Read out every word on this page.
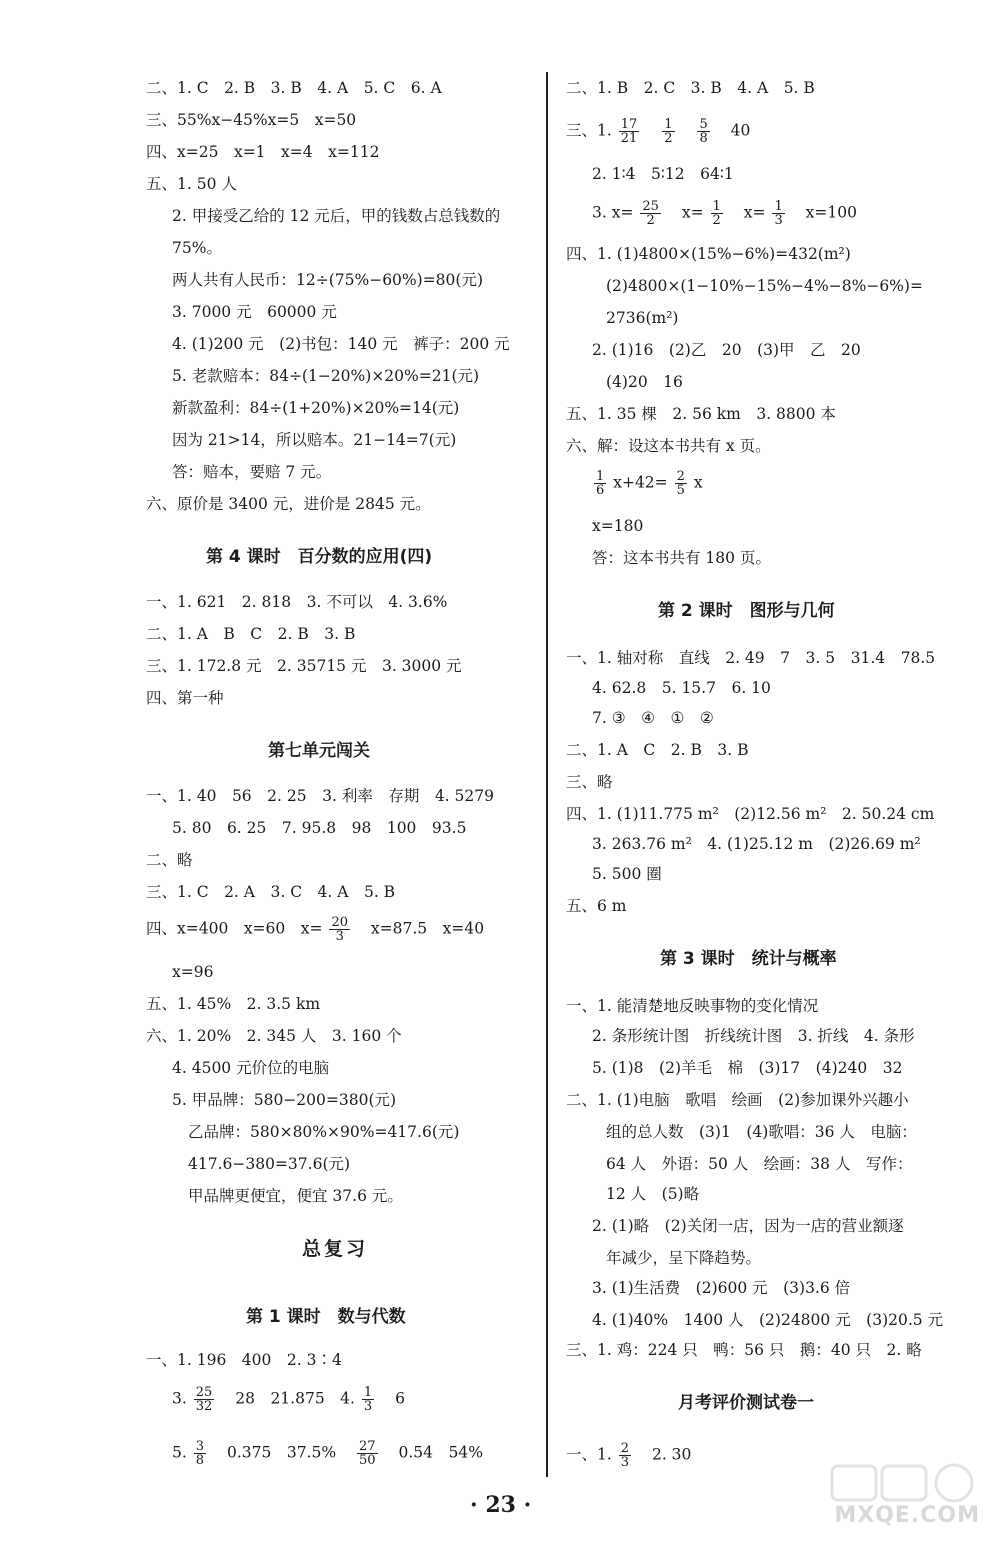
二、1. C　2. B　3. B　4. A　5. C　6. A
三、55%x−45%x=5　x=50
四、x=25　x=1　x=4　x=112
五、1. 50 人
2. 甲接受乙给的 12 元后，甲的钱数占总钱数的
75%。
两人共有人民币：12÷(75%−60%)=80(元)
3. 7000 元　60000 元
4. (1)200 元　(2)书包：140 元　裤子：200 元
5. 老款赔本：84÷(1−20%)×20%=21(元)
新款盈利：84÷(1+20%)×20%=14(元)
因为 21>14，所以赔本。21−14=7(元)
答：赔本，要赔 7 元。
六、原价是 3400 元，进价是 2845 元。
第 4 课时　百分数的应用(四)
一、1. 621　2. 818　3. 不可以　4. 3.6%
二、1. A　B　C　2. B　3. B
三、1. 172.8 元　2. 35715 元　3. 3000 元
四、第一种
第七单元闯关
一、1. 40　56　2. 25　3. 利率　存期　4. 5279
5. 80　6. 25　7. 95.8　98　100　93.5
二、略
三、1. C　2. A　3. C　4. A　5. B
四、x=400　x=60　$x= \frac{20}{3} x=87.5$　x=40
x=96
五、1. 45%　2. 3.5 km
六、1. 20%　2. 345 人　3. 160 个
4. 4500 元价位的电脑
5. 甲品牌：580−200=380(元)
乙品牌：580×80%×90%=417.6(元)
417.6−380=37.6(元)
甲品牌更便宜，便宜 37.6 元。
总复习
第 1 课时　数与代数
一、1. 196　400　2. 3∶4
3. $\frac{25}{32} 28$　21.875　4. $\frac{1}{3} 6$
5. $\frac{3}{8} 0.375$　$37.5\% \frac{27}{50} 0.54$　54%
二、1. B　2. C　3. B　4. A　5. B
三、1. $\frac{17}{21}$
$\frac{1}{2}$
$\frac{5}{8} 40$
2. 1∶4　5∶12　64∶1
3. $x= \frac{25}{2} x= \frac{1}{2} x= \frac{1}{3} x=100$
四、1. (1)4800×(15%−6%)=432(m²)
(2)4800×(1−10%−15%−4%−8%−6%)=
2736(m²)
2. (1)16　(2)乙　20　(3)甲　乙　20
(4)20　16
五、1. 35 棵　2. 56 km　3. 8800 本
六、解：设这本书共有 x 页。
$\frac{1}{6} x+42= \frac{2}{5}$ x
x=180
答：这本书共有 180 页。
第 2 课时　图形与几何
一、1. 轴对称　直线　2. 49　7　3. 5　31.4　78.5
4. 62.8　5. 15.7　6. 10
7. ③　④　①　②
二、1. A　C　2. B　3. B
三、略
四、1. (1)11.775 m²　(2)12.56 m²　2. 50.24 cm
3. 263.76 m²　4. (1)25.12 m　(2)26.69 m²
5. 500 圈
五、6 m
第 3 课时　统计与概率
一、1. 能清楚地反映事物的变化情况
2. 条形统计图　折线统计图　3. 折线　4. 条形
5. (1)8　(2)羊毛　棉　(3)17　(4)240　32
二、1. (1)电脑　歌唱　绘画　(2)参加课外兴趣小
组的总人数　(3)1　(4)歌唱：36 人　电脑：
64 人　外语：50 人　绘画：38 人　写作：
12 人　(5)略
2. (1)略　(2)关闭一店，因为一店的营业额逐
年减少，呈下降趋势。
3. (1)生活费　(2)600 元　(3)3.6 倍
4. (1)40%　1400 人　(2)24800 元　(3)20.5 元
三、1. 鸡：224 只　鸭：56 只　鹅：40 只　2. 略
月考评价测试卷一
一、1. $\frac{2}{3} 2$. 30
· 23 ·	MXQE.COM
